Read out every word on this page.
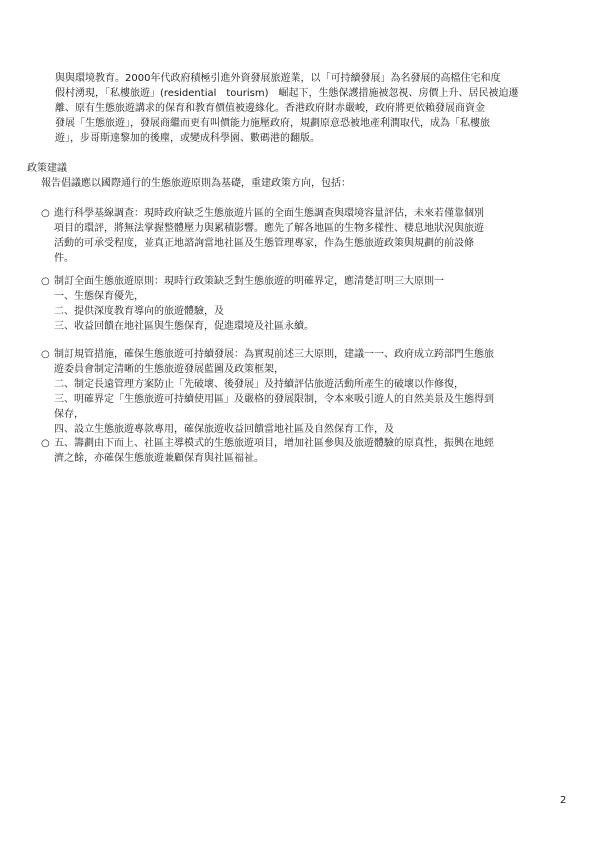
與與環境教育。2000年代政府積極引進外資發展旅遊業，以「可持續發展」為名發展的高檔住宅和度

假村湧現，「私樓旅遊」(residential　tourism)　崛起下，生態保護措施被忽視、房價上升、居民被迫遷

離、原有生態旅遊講求的保育和教育價值被邊緣化。香港政府財赤嚴峻，政府將更依賴發展商資金

發展「生態旅遊」，發展商繼而更有叫價能力施壓政府，規劃原意恐被地產利潤取代，成為「私樓旅

遊」，步哥斯達黎加的後塵，或變成科學園、數碼港的翻版。

政策建議

報告倡議應以國際通行的生態旅遊原則為基礎，重建政策方向，包括：

○ 進行科學基線調查：現時政府缺乏生態旅遊片區的全面生態調查與環境容量評估，未來若僅靠個別

項目的環評，將無法掌握整體壓力與累積影響。應先了解各地區的生物多樣性、棲息地狀況與旅遊

活動的可承受程度，並真正地諮詢當地社區及生態管理專家，作為生態旅遊政策與規劃的前設條

件。

○ 制訂全面生態旅遊原則：現時行政策缺乏對生態旅遊的明確界定，應清楚訂明三大原則一

一、生態保育優先，

二、提供深度教育導向的旅遊體驗，及

三、收益回饋在地社區與生態保育，促進環境及社區永續。

○ 制訂規管措施，確保生態旅遊可持續發展：為實現前述三大原則，建議一一、政府成立跨部門生態旅

遊委員會制定清晰的生態旅遊發展藍圖及政策框架，

二、制定長遠管理方案防止「先破壞、後發展」及持續評估旅遊活動所產生的破壞以作修復，

三、明確界定「生態旅遊可持續使用區」及嚴格的發展限制，令本來吸引遊人的自然美景及生態得到

保存，

四、設立生態旅遊專款專用，確保旅遊收益回饋當地社區及自然保育工作，及

○ 五、籌劃由下而上、社區主導模式的生態旅遊項目，增加社區參與及旅遊體驗的原真性，振興在地經

濟之餘，亦確保生態旅遊兼顧保育與社區福祉。

2
